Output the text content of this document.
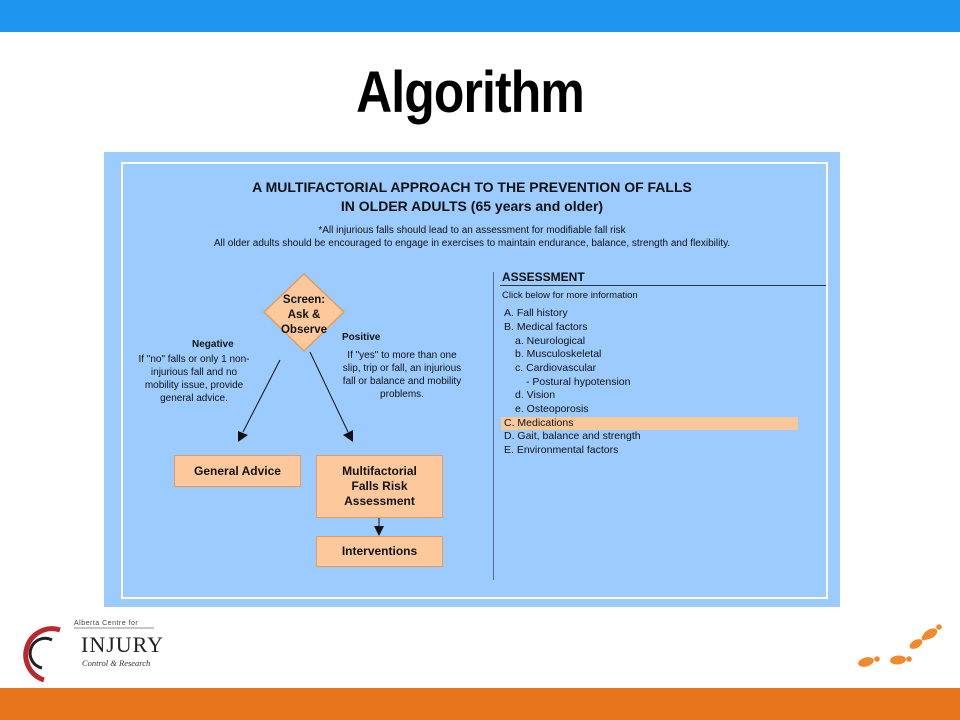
Algorithm
A MULTIFACTORIAL APPROACH TO THE PREVENTION OF FALLS
IN OLDER ADULTS (65 years and older)
*All injurious falls should lead to an assessment for modifiable fall risk
All older adults should be encouraged to engage in exercises to maintain endurance, balance, strength and flexibility.
Screen:
Ask &
Observe
Negative
If "no" falls or only 1 non-
injurious fall and no
mobility issue, provide
general advice.
Positive
If "yes" to more than one
slip, trip or fall, an injurious
fall or balance and mobility
problems.
General Advice	Multifactorial
Falls Risk
Assessment
Interventions
ASSESSMENT
Click below for more information
A. Fall history
B. Medical factors
a. Neurological
b. Musculoskeletal
c. Cardiovascular
- Postural hypotension
d. Vision
e. Osteoporosis
C. Medications
D. Gait, balance and strength
E. Environmental factors
Alberta Centre for
INJURY
Control & Research
